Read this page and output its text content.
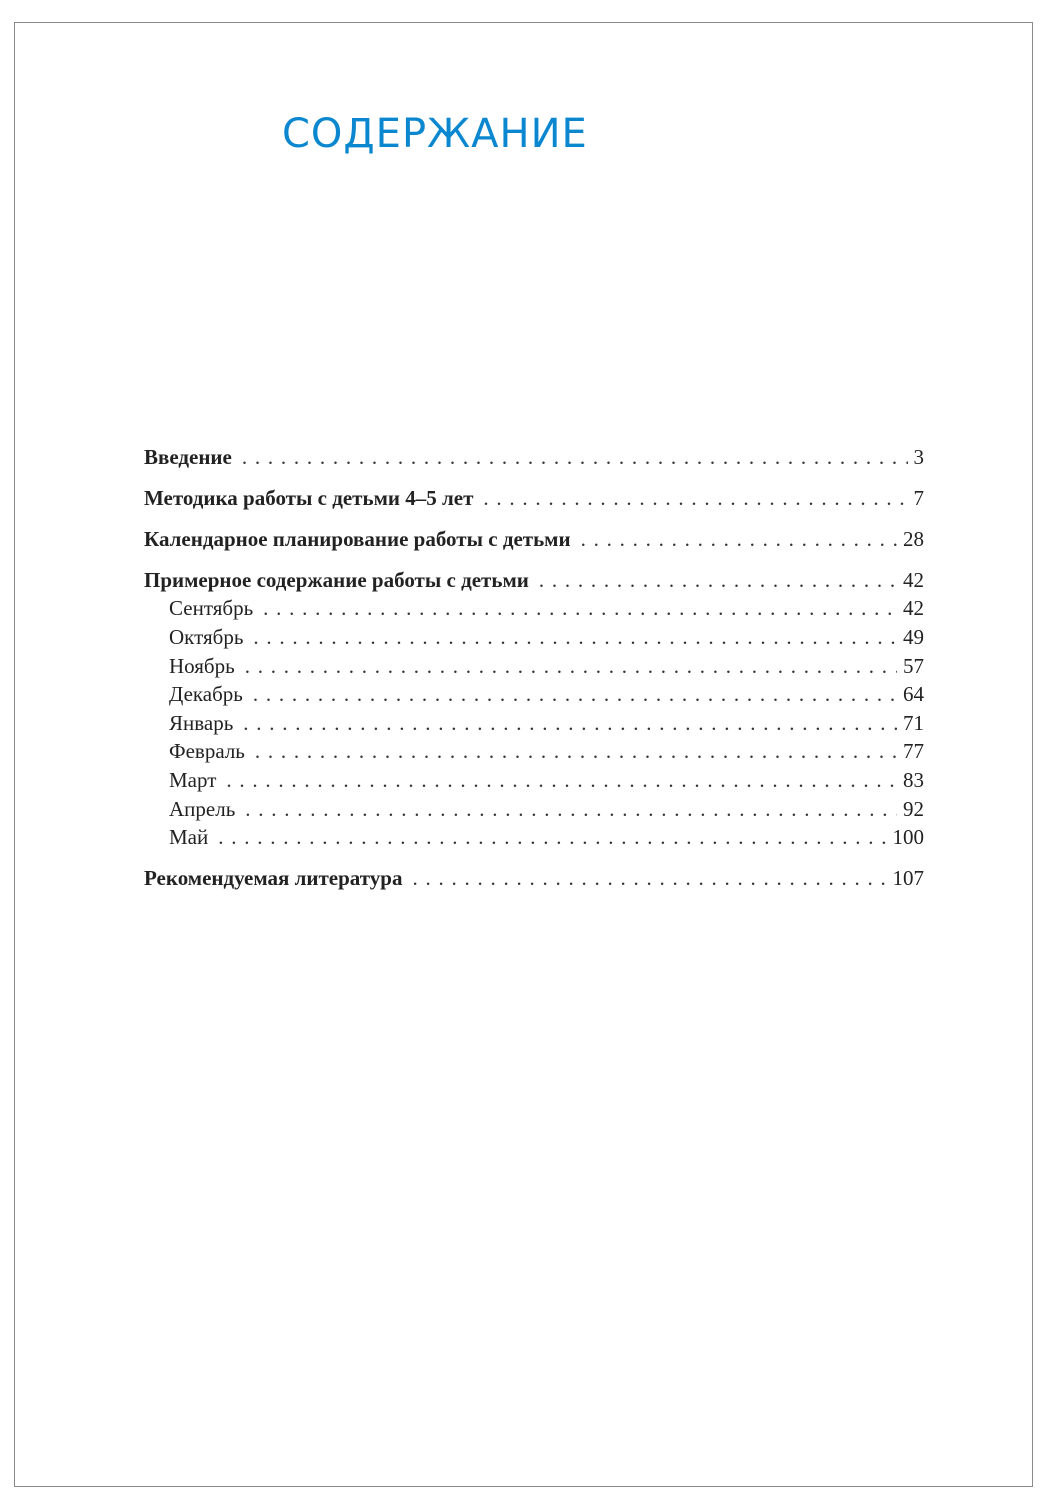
СОДЕРЖАНИЕ
Введение . . .	3
Методика работы с детьми 4–5 лет . . .	7
Календарное планирование работы с детьми . . .	28
Примерное содержание работы с детьми . . .	42
Сентябрь . . .	42
Октябрь . . .	49
Ноябрь . . .	57
Декабрь . . .	64
Январь . . .	71
Февраль . . .	77
Март . . .	83
Апрель . . .	92
Май . . .	100
Рекомендуемая литература . . .	107
